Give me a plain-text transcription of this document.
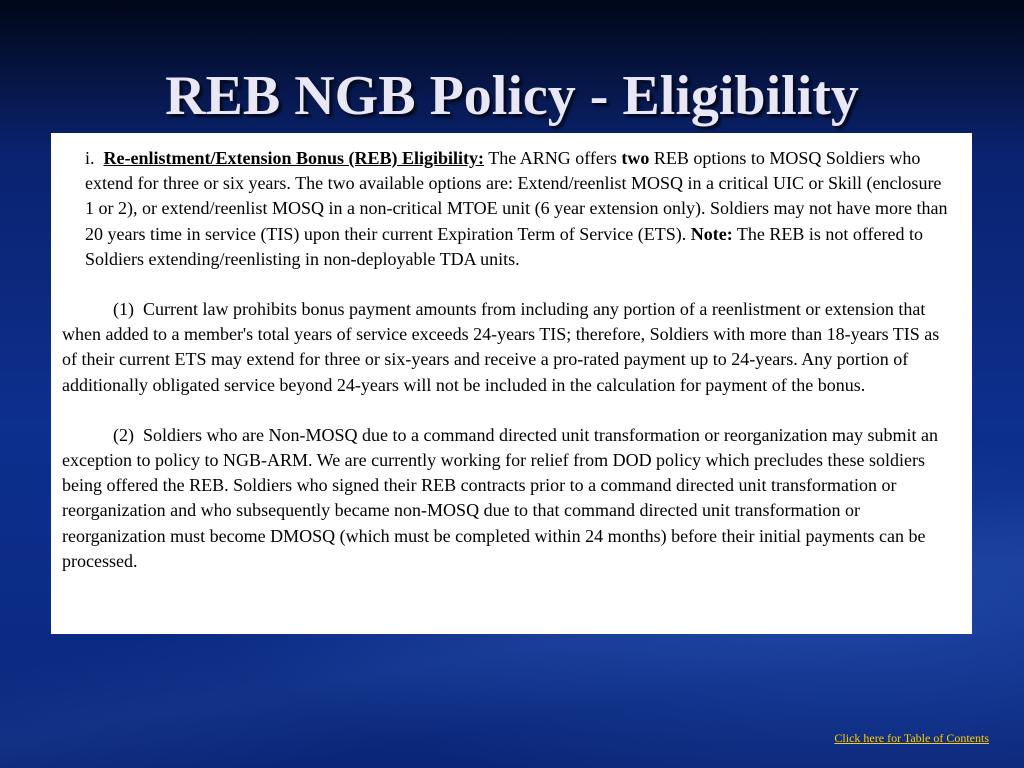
REB NGB Policy - Eligibility

i. Re-enlistment/Extension Bonus (REB) Eligibility: The ARNG offers two REB options to MOSQ Soldiers who extend for three or six years. The two available options are: Extend/reenlist MOSQ in a critical UIC or Skill (enclosure 1 or 2), or extend/reenlist MOSQ in a non-critical MTOE unit (6 year extension only). Soldiers may not have more than 20 years time in service (TIS) upon their current Expiration Term of Service (ETS). Note: The REB is not offered to Soldiers extending/reenlisting in non-deployable TDA units.

(1) Current law prohibits bonus payment amounts from including any portion of a reenlistment or extension that when added to a member's total years of service exceeds 24-years TIS; therefore, Soldiers with more than 18-years TIS as of their current ETS may extend for three or six-years and receive a pro-rated payment up to 24-years. Any portion of additionally obligated service beyond 24-years will not be included in the calculation for payment of the bonus.

(2) Soldiers who are Non-MOSQ due to a command directed unit transformation or reorganization may submit an exception to policy to NGB-ARM. We are currently working for relief from DOD policy which precludes these soldiers being offered the REB. Soldiers who signed their REB contracts prior to a command directed unit transformation or reorganization and who subsequently became non-MOSQ due to that command directed unit transformation or reorganization must become DMOSQ (which must be completed within 24 months) before their initial payments can be processed.

Click here for Table of Contents
